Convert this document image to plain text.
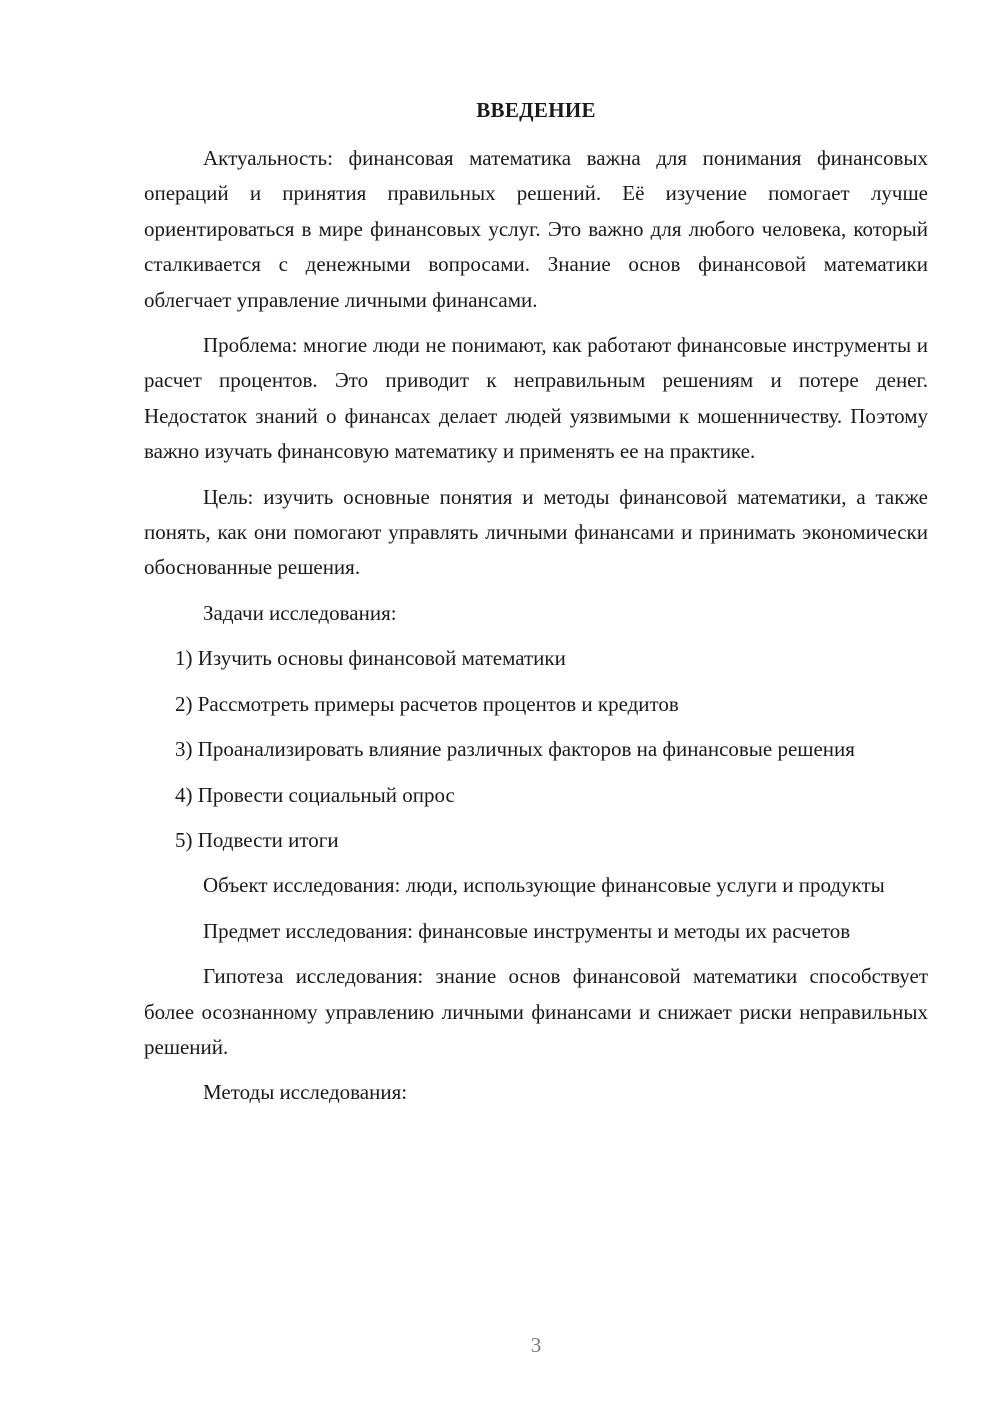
ВВЕДЕНИЕ

Актуальность: финансовая математика важна для понимания финансовых операций и принятия правильных решений. Её изучение помогает лучше ориентироваться в мире финансовых услуг. Это важно для любого человека, который сталкивается с денежными вопросами. Знание основ финансовой математики облегчает управление личными финансами.

Проблема: многие люди не понимают, как работают финансовые инструменты и расчет процентов. Это приводит к неправильным решениям и потере денег. Недостаток знаний о финансах делает людей уязвимыми к мошенничеству. Поэтому важно изучать финансовую математику и применять ее на практике.

Цель: изучить основные понятия и методы финансовой математики, а также понять, как они помогают управлять личными финансами и принимать экономически обоснованные решения.

Задачи исследования:

1) Изучить основы финансовой математики

2) Рассмотреть примеры расчетов процентов и кредитов

3) Проанализировать влияние различных факторов на финансовые решения

4) Провести социальный опрос

5) Подвести итоги

Объект исследования: люди, использующие финансовые услуги и продукты

Предмет исследования: финансовые инструменты и методы их расчетов

Гипотеза исследования: знание основ финансовой математики способствует более осознанному управлению личными финансами и снижает риски неправильных решений.

Методы исследования:

3
